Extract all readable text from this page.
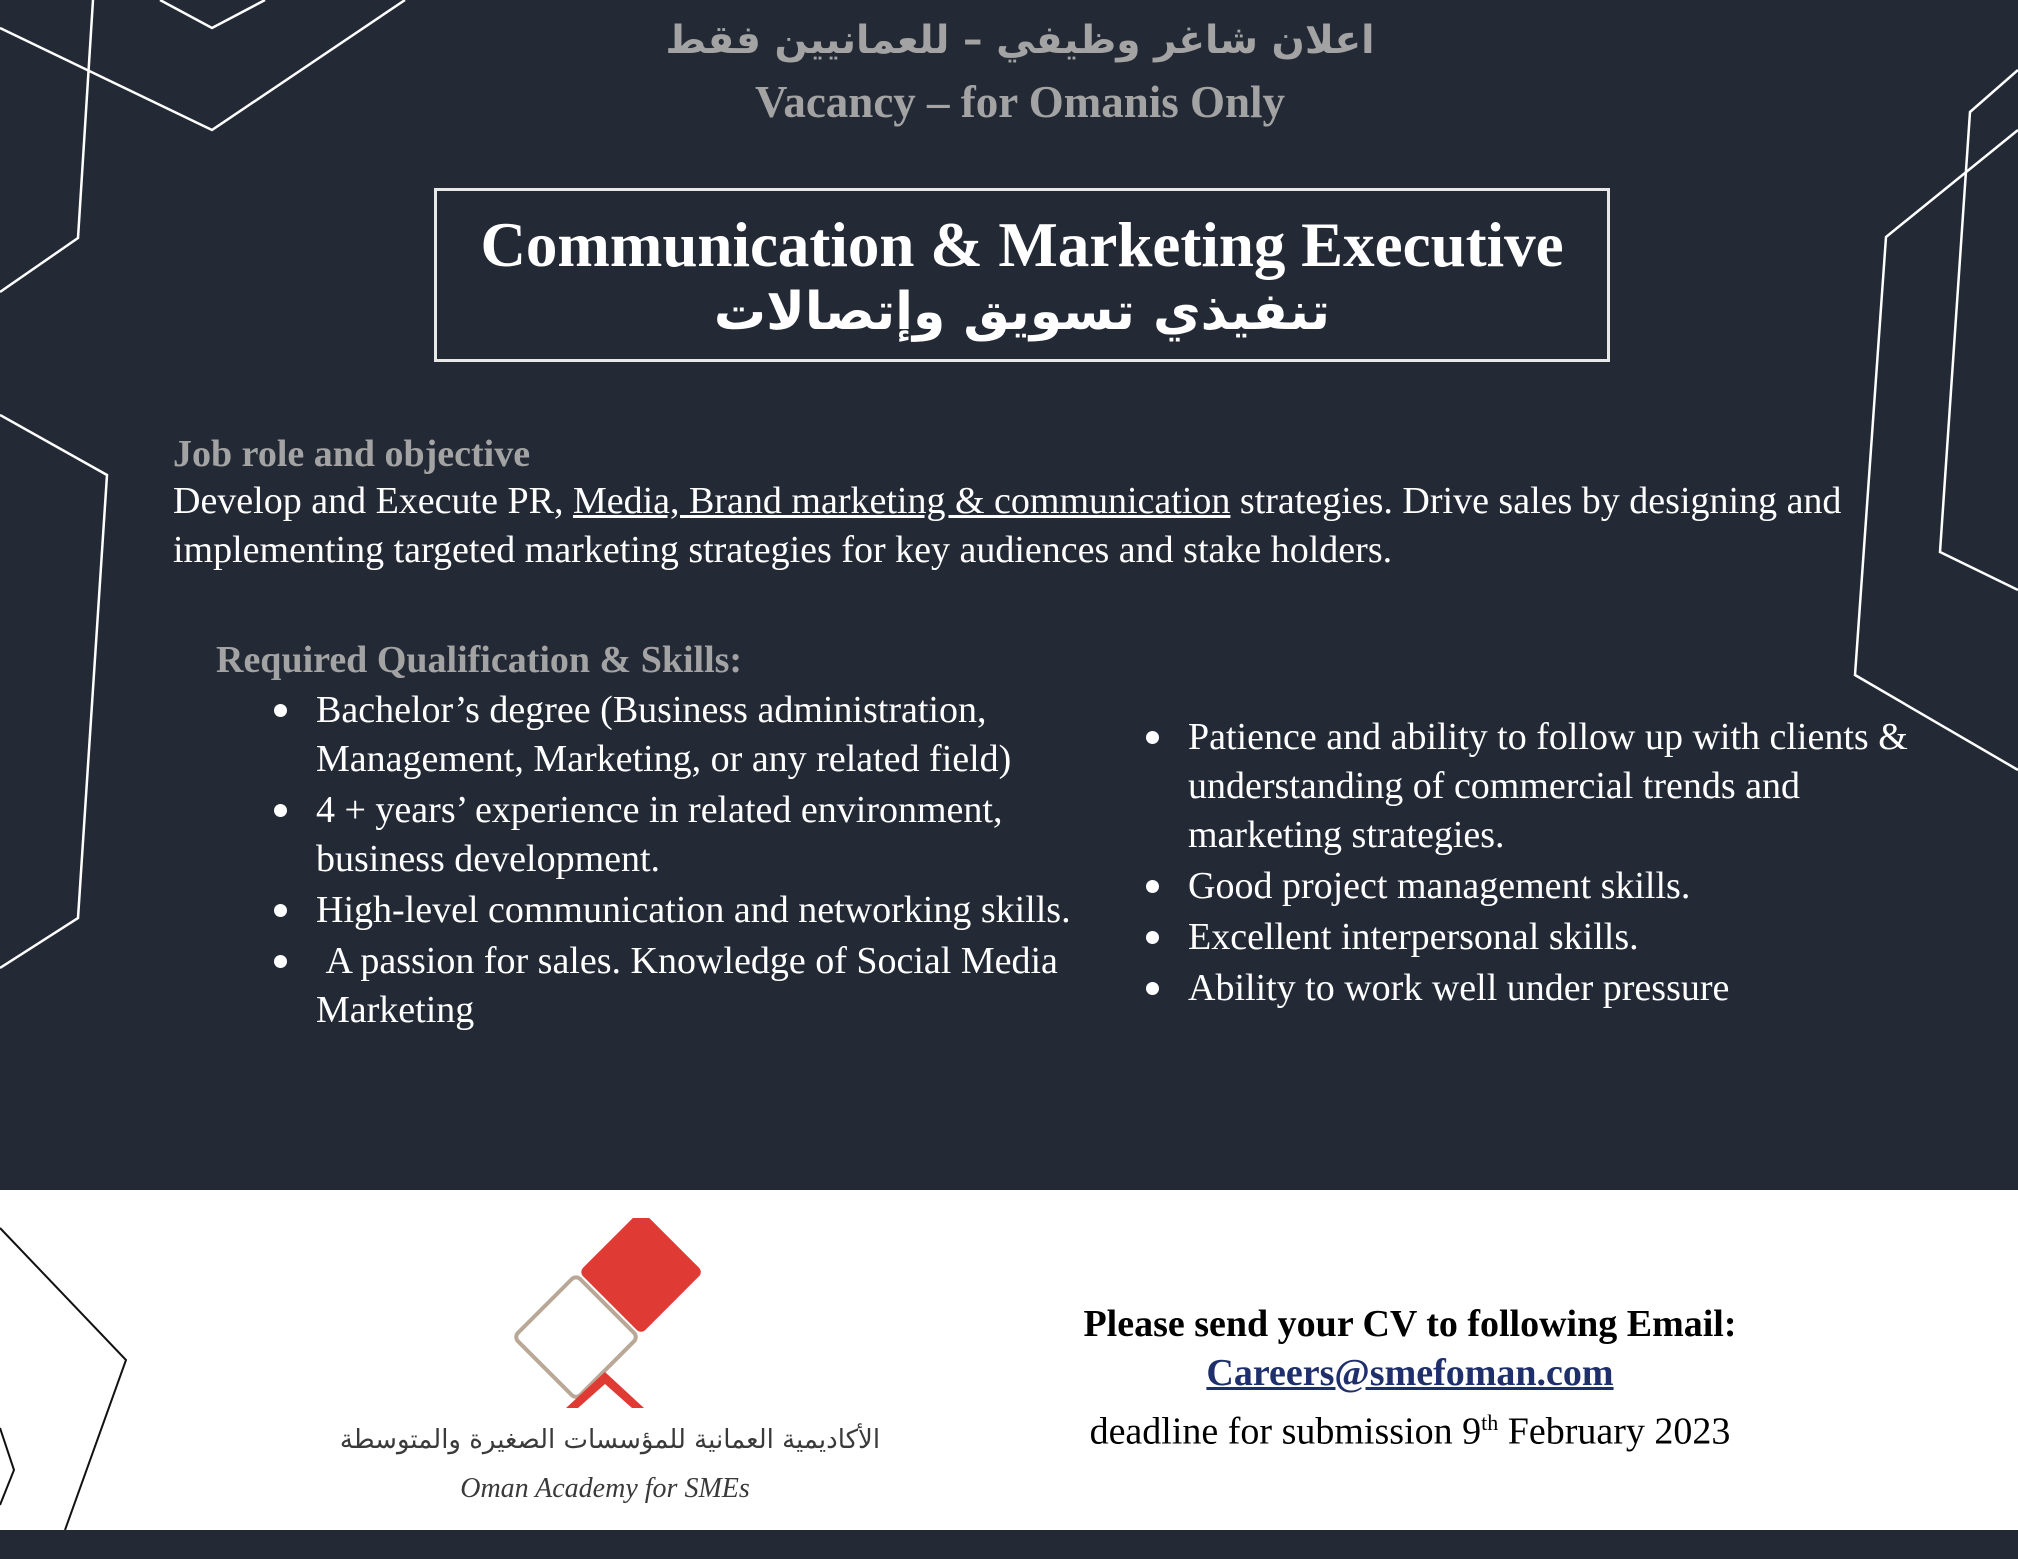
اعلان شاغر وظيفي – للعمانيين فقط
Vacancy – for Omanis Only
Communication & Marketing Executive
تنفيذي تسويق وإتصالات
Job role and objective
Develop and Execute PR, Media, Brand marketing & communication strategies. Drive sales by designing and implementing targeted marketing strategies for key audiences and stake holders.
Required Qualification & Skills:
Bachelor’s degree (Business administration, Management, Marketing, or any related field)
4 + years’ experience in related environment, business development.
High-level communication and networking skills.
A passion for sales. Knowledge of Social Media Marketing
Patience and ability to follow up with clients & understanding of commercial trends and marketing strategies.
Good project management skills.
Excellent interpersonal skills.
Ability to work well under pressure
الأكاديمية العمانية للمؤسسات الصغيرة والمتوسطة
Oman Academy for SMEs
Please send your CV to following Email:
Careers@smefoman.com
deadline for submission 9th February 2023
